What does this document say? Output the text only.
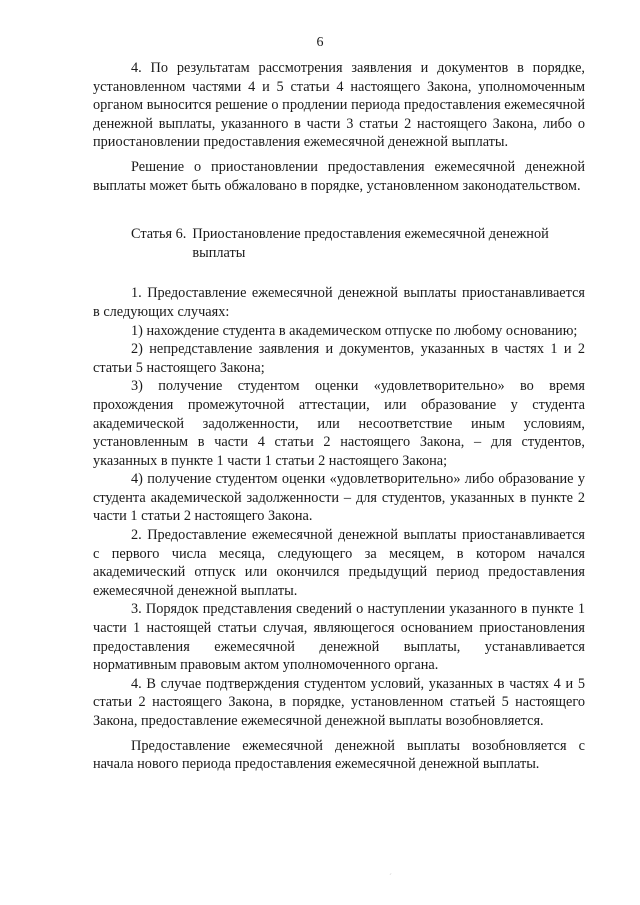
6

4. По результатам рассмотрения заявления и документов в порядке, установленном частями 4 и 5 статьи 4 настоящего Закона, уполномоченным органом выносится решение о продлении периода предоставления ежемесячной денежной выплаты, указанного в части 3 статьи 2 настоящего Закона, либо о приостановлении предоставления ежемесячной денежной выплаты.

Решение о приостановлении предоставления ежемесячной денежной выплаты может быть обжаловано в порядке, установленном законодательством.

Статья 6. Приостановление предоставления ежемесячной денежной выплаты

1. Предоставление ежемесячной денежной выплаты приостанавливается в следующих случаях:

1) нахождение студента в академическом отпуске по любому основанию;

2) непредставление заявления и документов, указанных в частях 1 и 2 статьи 5 настоящего Закона;

3) получение студентом оценки «удовлетворительно» во время прохождения промежуточной аттестации, или образование у студента академической задолженности, или несоответствие иным условиям, установленным в части 4 статьи 2 настоящего Закона, – для студентов, указанных в пункте 1 части 1 статьи 2 настоящего Закона;

4) получение студентом оценки «удовлетворительно» либо образование у студента академической задолженности – для студентов, указанных в пункте 2 части 1 статьи 2 настоящего Закона.

2. Предоставление ежемесячной денежной выплаты приостанавливается с первого числа месяца, следующего за месяцем, в котором начался академический отпуск или окончился предыдущий период предоставления ежемесячной денежной выплаты.

3. Порядок представления сведений о наступлении указанного в пункте 1 части 1 настоящей статьи случая, являющегося основанием приостановления предоставления ежемесячной денежной выплаты, устанавливается нормативным правовым актом уполномоченного органа.

4. В случае подтверждения студентом условий, указанных в частях 4 и 5 статьи 2 настоящего Закона, в порядке, установленном статьей 5 настоящего Закона, предоставление ежемесячной денежной выплаты возобновляется.

Предоставление ежемесячной денежной выплаты возобновляется с начала нового периода предоставления ежемесячной денежной выплаты.

´
